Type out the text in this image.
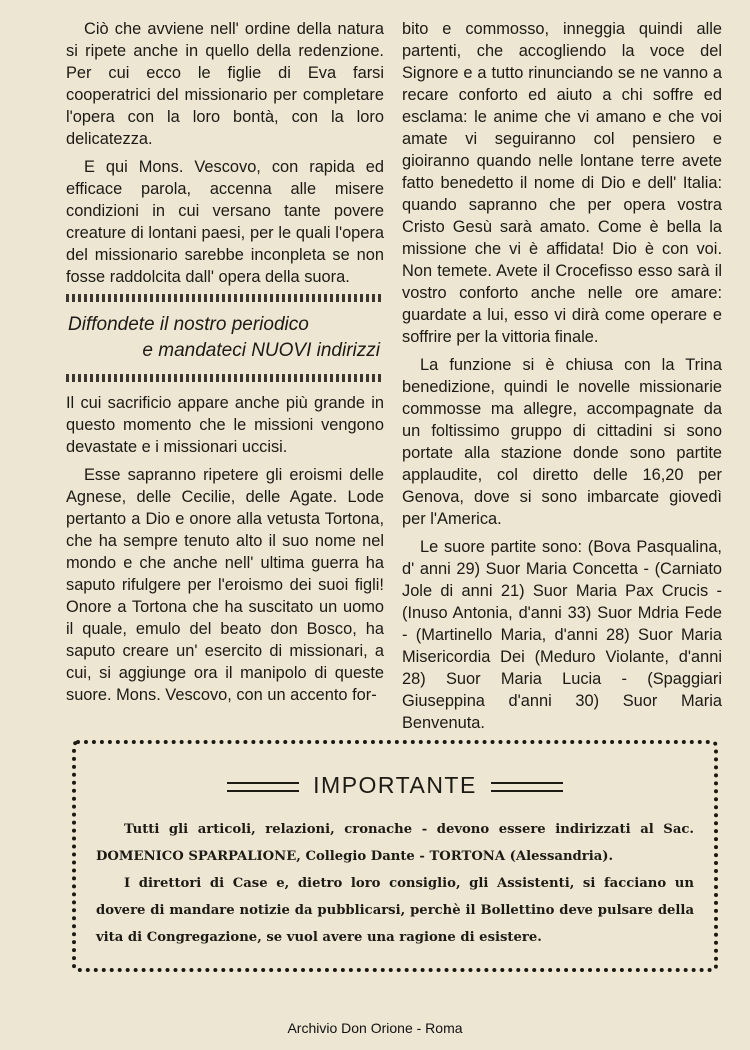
Ciò che avviene nell' ordine della natura si ripete anche in quello della redenzione. Per cui ecco le figlie di Eva farsi cooperatrici del missionario per completare l'opera con la loro bontà, con la loro delicatezza.

E qui Mons. Vescovo, con rapida ed efficace parola, accenna alle misere condizioni in cui versano tante povere creature di lontani paesi, per le quali l'opera del missionario sarebbe inconpleta se non fosse raddolcita dall' opera della suora.

Diffondete il nostro periodico
e mandateci NUOVI indirizzi

Il cui sacrificio appare anche più grande in questo momento che le missioni vengono devastate e i missionari uccisi.

Esse sapranno ripetere gli eroismi delle Agnese, delle Cecilie, delle Agate. Lode pertanto a Dio e onore alla vetusta Tortona, che ha sempre tenuto alto il suo nome nel mondo e che anche nell' ultima guerra ha saputo rifulgere per l'eroismo dei suoi figli! Onore a Tortona che ha suscitato un uomo il quale, emulo del beato don Bosco, ha saputo creare un' esercito di missionari, a cui, si aggiunge ora il manipolo di queste suore. Mons. Vescovo, con un accento for-

bito e commosso, inneggia quindi alle partenti, che accogliendo la voce del Signore e a tutto rinunciando se ne vanno a recare conforto ed aiuto a chi soffre ed esclama: le anime che vi amano e che voi amate vi seguiranno col pensiero e gioiranno quando nelle lontane terre avete fatto benedetto il nome di Dio e dell' Italia: quando sapranno che per opera vostra Cristo Gesù sarà amato. Come è bella la missione che vi è affidata! Dio è con voi. Non temete. Avete il Crocefisso esso sarà il vostro conforto anche nelle ore amare: guardate a lui, esso vi dirà come operare e soffrire per la vittoria finale.

La funzione si è chiusa con la Trina benedizione, quindi le novelle missionarie commosse ma allegre, accompagnate da un foltissimo gruppo di cittadini si sono portate alla stazione donde sono partite applaudite, col diretto delle 16,20 per Genova, dove si sono imbarcate giovedì per l'America.

Le suore partite sono: (Bova Pasqualina, d' anni 29) Suor Maria Concetta - (Carniato Jole di anni 21) Suor Maria Pax Crucis - (Inuso Antonia, d'anni 33) Suor Mdria Fede - (Martinello Maria, d'anni 28) Suor Maria Misericordia Dei (Meduro Violante, d'anni 28) Suor Maria Lucia - (Spaggiari Giuseppina d'anni 30) Suor Maria Benvenuta.

IMPORTANTE

Tutti gli articoli, relazioni, cronache - devono essere indirizzati al Sac. DOMENICO SPARPALIONE, Collegio Dante - TORTONA (Alessandria).

I direttori di Case e, dietro loro consiglio, gli Assistenti, si facciano un dovere di mandare notizie da pubblicarsi, perchè il Bollettino deve pulsare della vita di Congregazione, se vuol avere una ragione di esistere.

Archivio Don Orione - Roma
